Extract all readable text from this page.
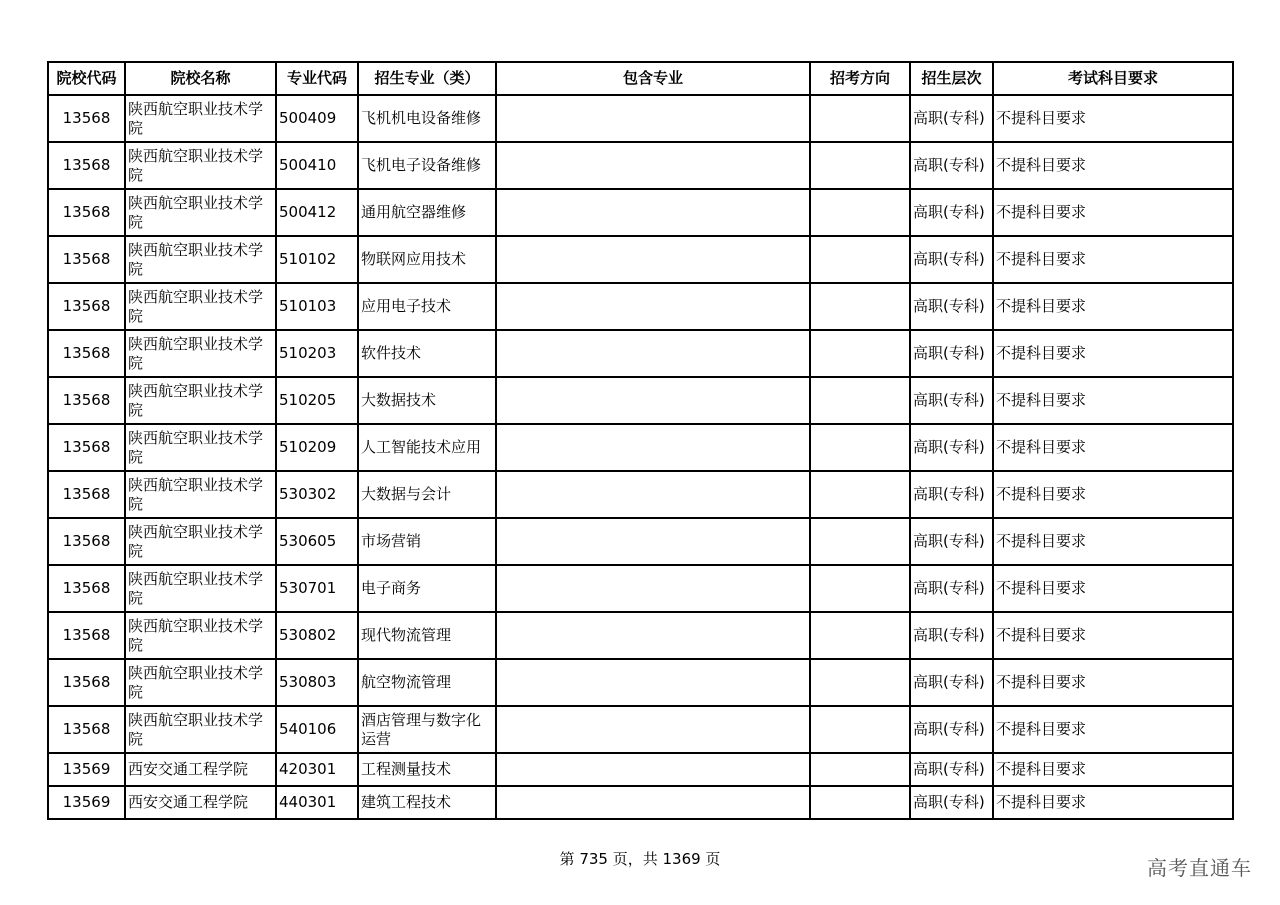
院校代码	院校名称	专业代码	招生专业（类）	包含专业	招考方向	招生层次	考试科目要求
13568	陕西航空职业技术学院	500409	飞机机电设备维修			高职(专科)	不提科目要求
13568	陕西航空职业技术学院	500410	飞机电子设备维修			高职(专科)	不提科目要求
13568	陕西航空职业技术学院	500412	通用航空器维修			高职(专科)	不提科目要求
13568	陕西航空职业技术学院	510102	物联网应用技术			高职(专科)	不提科目要求
13568	陕西航空职业技术学院	510103	应用电子技术			高职(专科)	不提科目要求
13568	陕西航空职业技术学院	510203	软件技术			高职(专科)	不提科目要求
13568	陕西航空职业技术学院	510205	大数据技术			高职(专科)	不提科目要求
13568	陕西航空职业技术学院	510209	人工智能技术应用			高职(专科)	不提科目要求
13568	陕西航空职业技术学院	530302	大数据与会计			高职(专科)	不提科目要求
13568	陕西航空职业技术学院	530605	市场营销			高职(专科)	不提科目要求
13568	陕西航空职业技术学院	530701	电子商务			高职(专科)	不提科目要求
13568	陕西航空职业技术学院	530802	现代物流管理			高职(专科)	不提科目要求
13568	陕西航空职业技术学院	530803	航空物流管理			高职(专科)	不提科目要求
13568	陕西航空职业技术学院	540106	酒店管理与数字化运营			高职(专科)	不提科目要求
13569	西安交通工程学院	420301	工程测量技术			高职(专科)	不提科目要求
13569	西安交通工程学院	440301	建筑工程技术			高职(专科)	不提科目要求
第 735 页，共 1369 页	高考直通车
